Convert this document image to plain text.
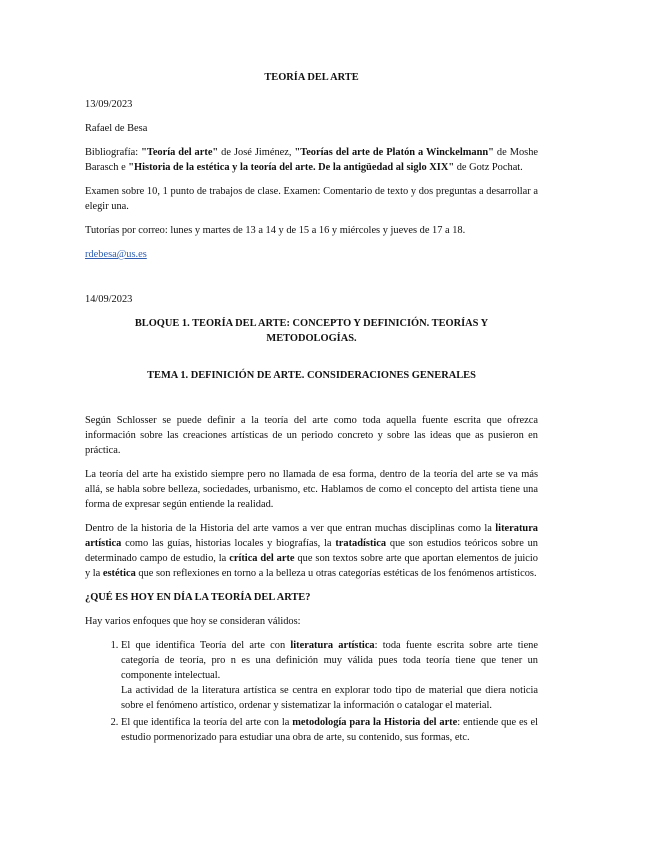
TEORÍA DEL ARTE

13/09/2023

Rafael de Besa

Bibliografía: "Teoría del arte" de José Jiménez, "Teorías del arte de Platón a Winckelmann" de Moshe Barasch e "Historia de la estética y la teoría del arte. De la antigüedad al siglo XIX" de Gotz Pochat.

Examen sobre 10, 1 punto de trabajos de clase. Examen: Comentario de texto y dos preguntas a desarrollar a elegir una.

Tutorías por correo: lunes y martes de 13 a 14 y de 15 a 16 y miércoles y jueves de 17 a 18.

rdebesa@us.es

14/09/2023

BLOQUE 1. TEORÍA DEL ARTE: CONCEPTO Y DEFINICIÓN. TEORÍAS Y METODOLOGÍAS.
TEMA 1. DEFINICIÓN DE ARTE. CONSIDERACIONES GENERALES

Según Schlosser se puede definir a la teoría del arte como toda aquella fuente escrita que ofrezca información sobre las creaciones artísticas de un periodo concreto y sobre las ideas que as pusieron en práctica.

La teoría del arte ha existido siempre pero no llamada de esa forma, dentro de la teoría del arte se va más allá, se habla sobre belleza, sociedades, urbanismo, etc. Hablamos de como el concepto del artista tiene una forma de expresar según entiende la realidad.

Dentro de la historia de la Historia del arte vamos a ver que entran muchas disciplinas como la literatura artística como las guías, historias locales y biografías, la tratadística que son estudios teóricos sobre un determinado campo de estudio, la crítica del arte que son textos sobre arte que aportan elementos de juicio y la estética que son reflexiones en torno a la belleza u otras categorías estéticas de los fenómenos artísticos.

¿QUÉ ES HOY EN DÍA LA TEORÍA DEL ARTE?

Hay varios enfoques que hoy se consideran válidos:

1. El que identifica Teoría del arte con literatura artística: toda fuente escrita sobre arte tiene categoría de teoría, pro n es una definición muy válida pues toda teoría tiene que tener un componente intelectual.
La actividad de la literatura artística se centra en explorar todo tipo de material que diera noticia sobre el fenómeno artístico, ordenar y sistematizar la información o catalogar el material.
2. El que identifica la teoría del arte con la metodología para la Historia del arte: entiende que es el estudio pormenorizado para estudiar una obra de arte, su contenido, sus formas, etc.
